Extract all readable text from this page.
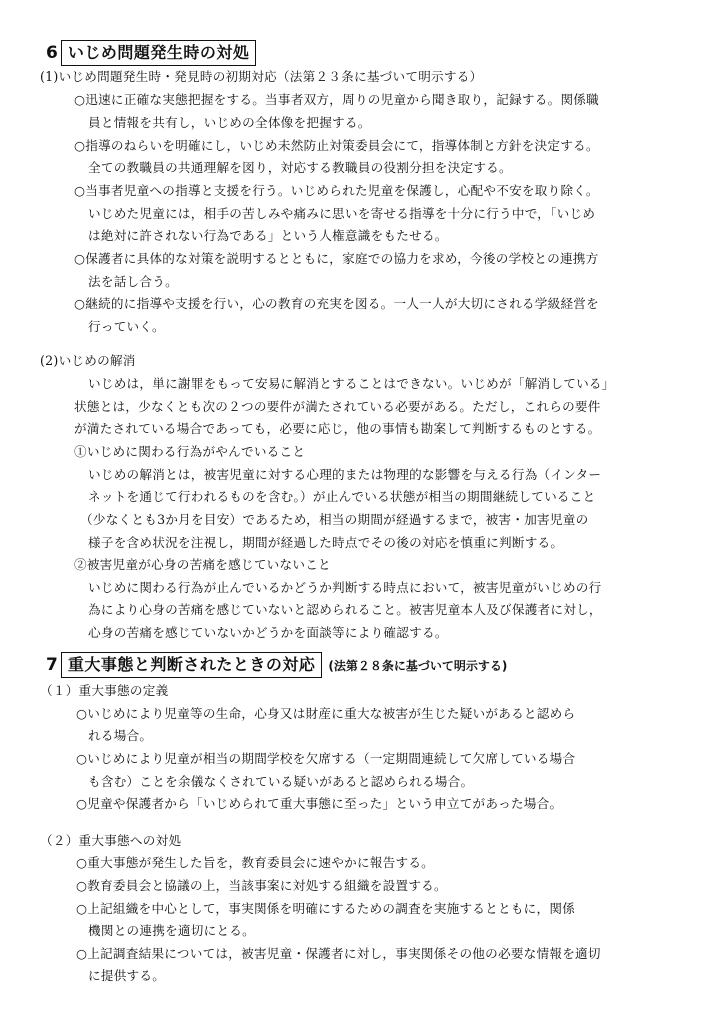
6 いじめ問題発生時の対処
(1)いじめ問題発生時・発見時の初期対応（法第２３条に基づいて明示する）
○迅速に正確な実態把握をする。当事者双方，周りの児童から聞き取り，記録する。関係職
員と情報を共有し，いじめの全体像を把握する。
○指導のねらいを明確にし，いじめ未然防止対策委員会にて，指導体制と方針を決定する。
全ての教職員の共通理解を図り，対応する教職員の役割分担を決定する。
○当事者児童への指導と支援を行う。いじめられた児童を保護し，心配や不安を取り除く。
いじめた児童には，相手の苦しみや痛みに思いを寄せる指導を十分に行う中で，「いじめ
は絶対に許されない行為である」という人権意識をもたせる。
○保護者に具体的な対策を説明するとともに，家庭での協力を求め，今後の学校との連携方
法を話し合う。
○継続的に指導や支援を行い，心の教育の充実を図る。一人一人が大切にされる学級経営を
行っていく。
(2)いじめの解消
いじめは，単に謝罪をもって安易に解消とすることはできない。いじめが「解消している」
状態とは，少なくとも次の２つの要件が満たされている必要がある。ただし，これらの要件
が満たされている場合であっても，必要に応じ，他の事情も勘案して判断するものとする。
①いじめに関わる行為がやんでいること
いじめの解消とは，被害児童に対する心理的または物理的な影響を与える行為（インター
ネットを通じて行われるものを含む。）が止んでいる状態が相当の期間継続していること
（少なくとも3か月を目安）であるため，相当の期間が経過するまで，被害・加害児童の
様子を含め状況を注視し，期間が経過した時点でその後の対応を慎重に判断する。
②被害児童が心身の苦痛を感じていないこと
いじめに関わる行為が止んでいるかどうか判断する時点において，被害児童がいじめの行
為により心身の苦痛を感じていないと認められること。被害児童本人及び保護者に対し，
心身の苦痛を感じていないかどうかを面談等により確認する。
7 重大事態と判断されたときの対応	(法第２８条に基づいて明示する)
（１）重大事態の定義
○いじめにより児童等の生命，心身又は財産に重大な被害が生じた疑いがあると認めら
れる場合。
○いじめにより児童が相当の期間学校を欠席する（一定期間連続して欠席している場合
も含む）ことを余儀なくされている疑いがあると認められる場合。
○児童や保護者から「いじめられて重大事態に至った」という申立てがあった場合。
（２）重大事態への対処
○重大事態が発生した旨を，教育委員会に速やかに報告する。
○教育委員会と協議の上，当該事案に対処する組織を設置する。
○上記組織を中心として，事実関係を明確にするための調査を実施するとともに，関係
機関との連携を適切にとる。
○上記調査結果については，被害児童・保護者に対し，事実関係その他の必要な情報を適切
に提供する。
